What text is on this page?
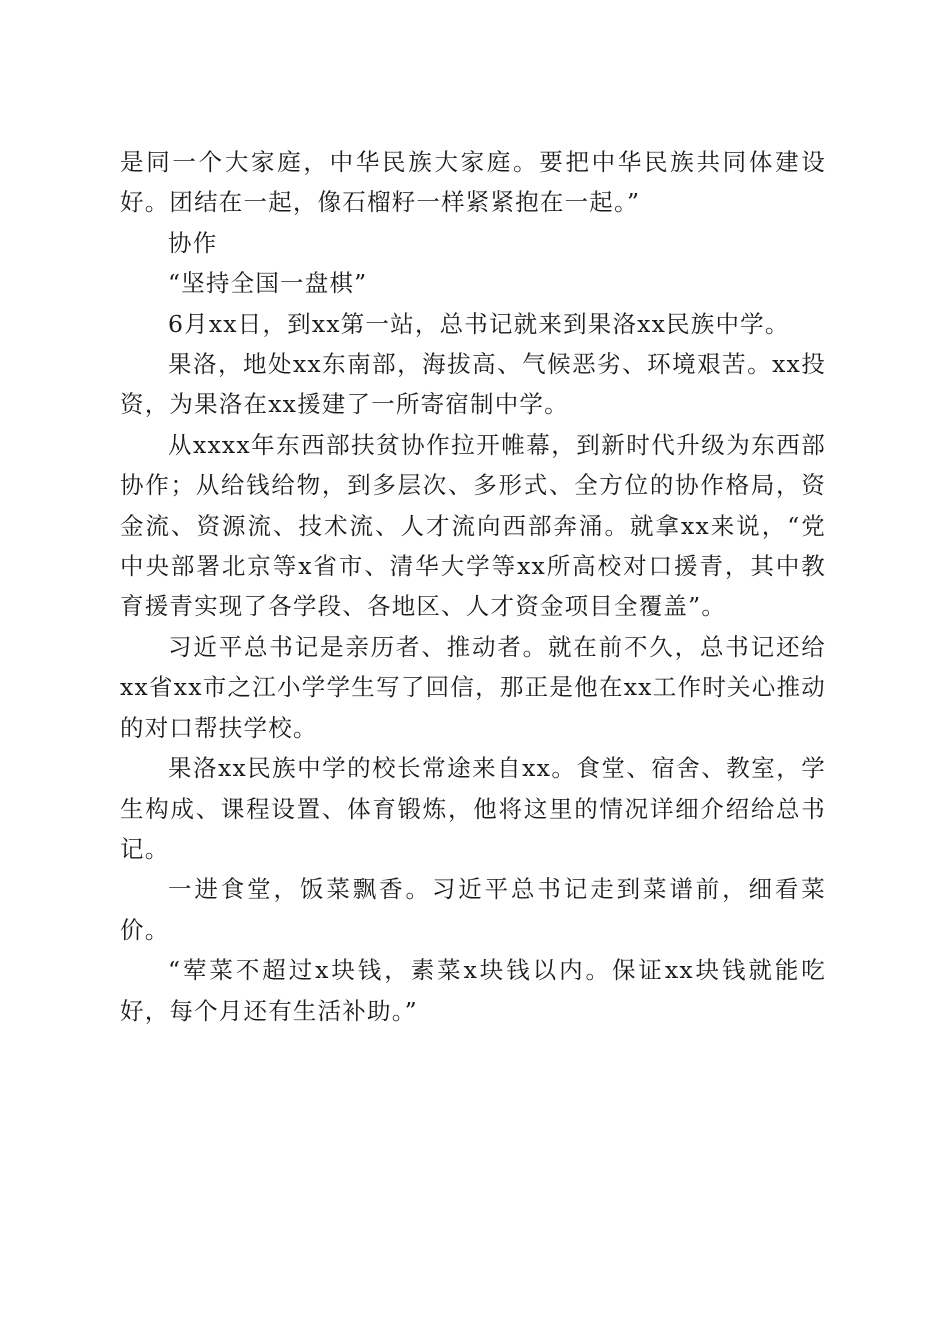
是同一个大家庭，中华民族大家庭。要把中华民族共同体建设好。团结在一起，像石榴籽一样紧紧抱在一起。”

协作

“坚持全国一盘棋”

6月xx日，到xx第一站，总书记就来到果洛xx民族中学。

果洛，地处xx东南部，海拔高、气候恶劣、环境艰苦。xx投资，为果洛在xx援建了一所寄宿制中学。

从xxxx年东西部扶贫协作拉开帷幕，到新时代升级为东西部协作；从给钱给物，到多层次、多形式、全方位的协作格局，资金流、资源流、技术流、人才流向西部奔涌。就拿xx来说，“党中央部署北京等x省市、清华大学等xx所高校对口援青，其中教育援青实现了各学段、各地区、人才资金项目全覆盖”。

习近平总书记是亲历者、推动者。就在前不久，总书记还给xx省xx市之江小学学生写了回信，那正是他在xx工作时关心推动的对口帮扶学校。

果洛xx民族中学的校长常途来自xx。食堂、宿舍、教室，学生构成、课程设置、体育锻炼，他将这里的情况详细介绍给总书记。

一进食堂，饭菜飘香。习近平总书记走到菜谱前，细看菜价。

“荤菜不超过x块钱，素菜x块钱以内。保证xx块钱就能吃好，每个月还有生活补助。”
